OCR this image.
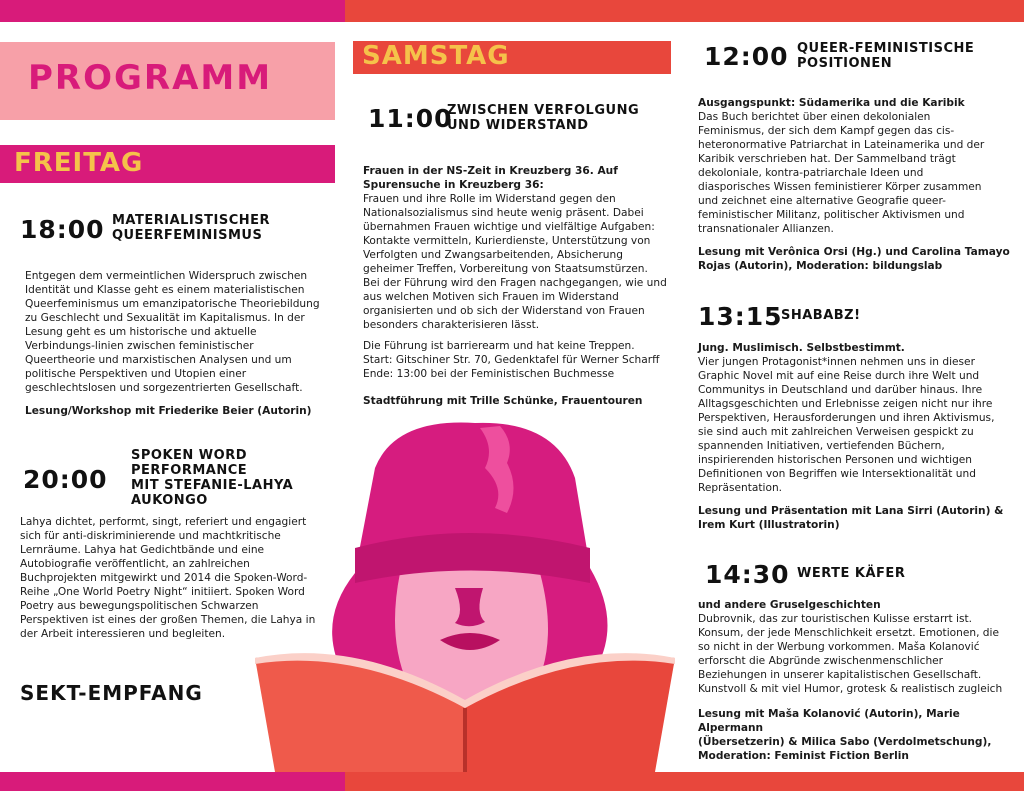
PROGRAMM
FREITAG
SAMSTAG
18:00 MATERIALISTISCHER
QUEERFEMINISMUS
Entgegen dem vermeintlichen Widerspruch zwischen
Identität und Klasse geht es einem materialistischen
Queerfeminismus um emanzipatorische Theoriebildung
zu Geschlecht und Sexualität im Kapitalismus. In der
Lesung geht es um historische und aktuelle
Verbindungs-linien zwischen feministischer
Queertheorie und marxistischen Analysen und um
politische Perspektiven und Utopien einer
geschlechtslosen und sorgezentrierten Gesellschaft.
Lesung/Workshop mit Friederike Beier (Autorin)
20:00
SPOKEN WORD
PERFORMANCE
MIT STEFANIE-LAHYA
AUKONGO
Lahya dichtet, performt, singt, referiert und engagiert
sich für anti-diskriminierende und machtkritische
Lernräume. Lahya hat Gedichtbände und eine
Autobiografie veröffentlicht, an zahlreichen
Buchprojekten mitgewirkt und 2014 die Spoken-Word-
Reihe „One World Poetry Night“ initiiert. Spoken Word
Poetry aus bewegungspolitischen Schwarzen
Perspektiven ist eines der großen Themen, die Lahya in
der Arbeit interessieren und begleiten.
SEKT-EMPFANG
11:00
ZWISCHEN VERFOLGUNG
UND WIDERSTAND
Frauen in der NS-Zeit in Kreuzberg 36. Auf
Spurensuche in Kreuzberg 36:
Frauen und ihre Rolle im Widerstand gegen den
Nationalsozialismus sind heute wenig präsent. Dabei
übernahmen Frauen wichtige und vielfältige Aufgaben:
Kontakte vermitteln, Kurierdienste, Unterstützung von
Verfolgten und Zwangsarbeitenden, Absicherung
geheimer Treffen, Vorbereitung von Staatsumstürzen.
Bei der Führung wird den Fragen nachgegangen, wie und
aus welchen Motiven sich Frauen im Widerstand
organisierten und ob sich der Widerstand von Frauen
besonders charakterisieren lässt.
Die Führung ist barrierearm und hat keine Treppen.
Start: Gitschiner Str. 70, Gedenktafel für Werner Scharff
Ende: 13:00 bei der Feministischen Buchmesse
Stadtführung mit Trille Schünke, Frauentouren
12:00 QUEER-FEMINISTISCHE
POSITIONEN
Ausgangspunkt: Südamerika und die Karibik
Das Buch berichtet über einen dekolonialen
Feminismus, der sich dem Kampf gegen das cis-
heteronormative Patriarchat in Lateinamerika und der
Karibik verschrieben hat. Der Sammelband trägt
dekoloniale, kontra-patriarchale Ideen und
diasporisches Wissen feministierer Körper zusammen
und zeichnet eine alternative Geografie queer-
feministischer Militanz, politischer Aktivismen und
transnationaler Allianzen.
Lesung mit Verônica Orsi (Hg.) und Carolina Tamayo
Rojas (Autorin), Moderation: bildungslab
13:15
SHABABZ!
Jung. Muslimisch. Selbstbestimmt.
Vier jungen Protagonist*innen nehmen uns in dieser
Graphic Novel mit auf eine Reise durch ihre Welt und
Communitys in Deutschland und darüber hinaus. Ihre
Alltagsgeschichten und Erlebnisse zeigen nicht nur ihre
Perspektiven, Herausforderungen und ihren Aktivismus,
sie sind auch mit zahlreichen Verweisen gespickt zu
spannenden Initiativen, vertiefenden Büchern,
inspirierenden historischen Personen und wichtigen
Definitionen von Begriffen wie Intersektionalität und
Repräsentation.
Lesung und Präsentation mit Lana Sirri (Autorin) &
Irem Kurt (Illustratorin)
14:30 WERTE KÄFER
und andere Gruselgeschichten
Dubrovnik, das zur touristischen Kulisse erstarrt ist.
Konsum, der jede Menschlichkeit ersetzt. Emotionen, die
so nicht in der Werbung vorkommen. Maša Kolanović
erforscht die Abgründe zwischenmenschlicher
Beziehungen in unserer kapitalistischen Gesellschaft.
Kunstvoll & mit viel Humor, grotesk & realistisch zugleich
Lesung mit Maša Kolanović (Autorin), Marie Alpermann
(Übersetzerin) & Milica Sabo (Verdolmetschung),
Moderation: Feminist Fiction Berlin
